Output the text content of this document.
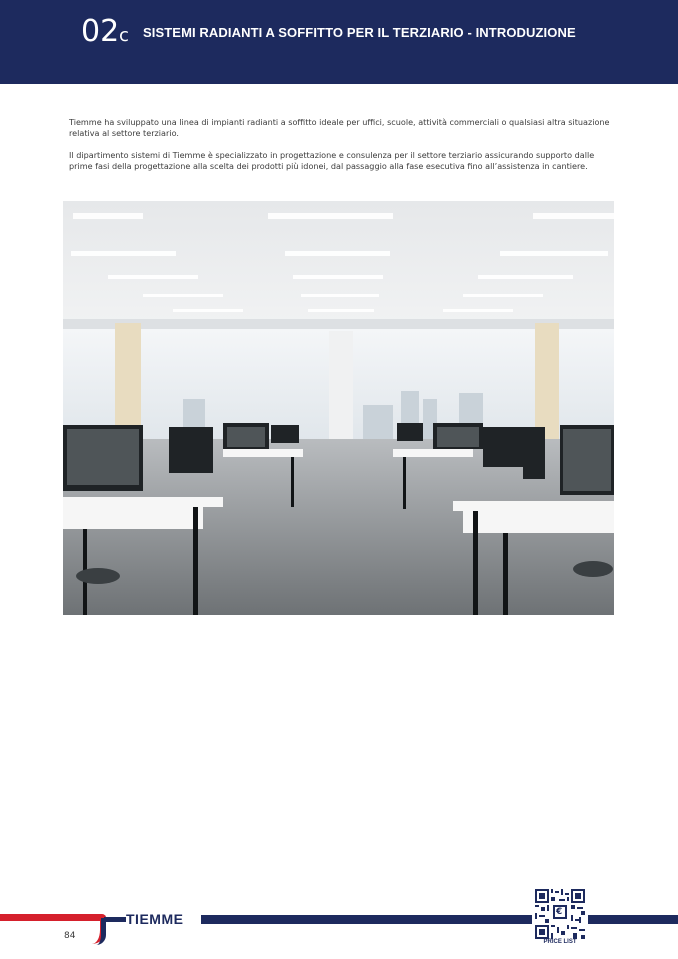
02 c SISTEMI RADIANTI A SOFFITTO PER IL TERZIARIO - INTRODUZIONE

Tiemme ha sviluppato una linea di impianti radianti a soffitto ideale per uffici, scuole, attività commerciali o qualsiasi altra situazione relativa al settore terziario.

Il dipartimento sistemi di Tiemme è specializzato in progettazione e consulenza per il settore terziario assicurando supporto dalle prime fasi della progettazione alla scelta dei prodotti più idonei, dal passaggio alla fase esecutiva fino all’assistenza in cantiere.

TIEMME
84
€
PRICE LIST
